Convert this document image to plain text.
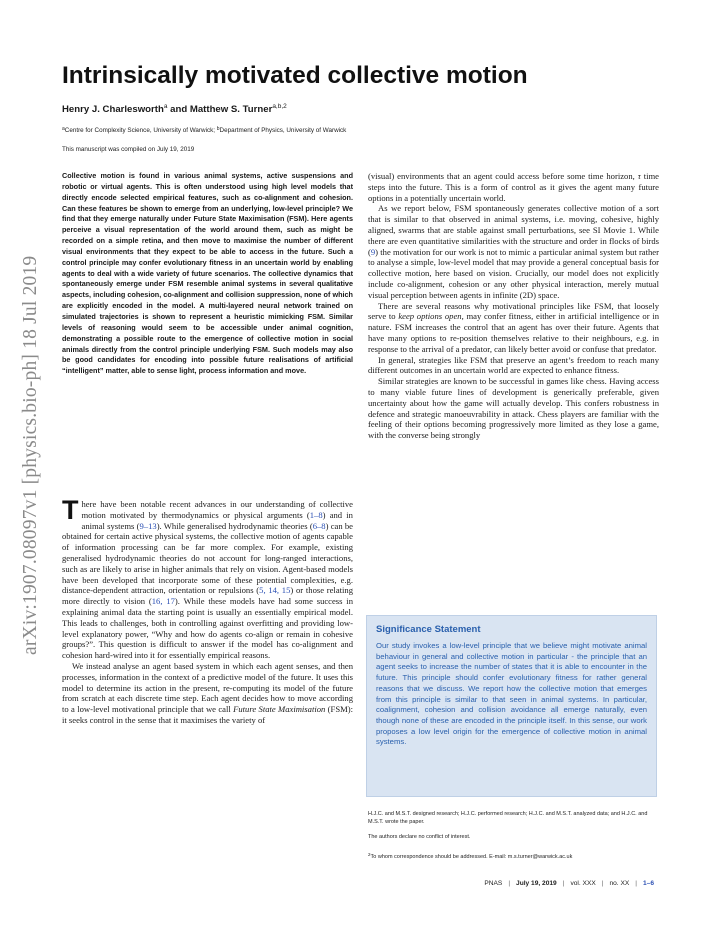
arXiv:1907.08097v1 [physics.bio-ph] 18 Jul 2019
Intrinsically motivated collective motion
Henry J. Charlesworth$^a$ and Matthew S. Turner$^{a,b,2}$
$^a$Centre for Complexity Science, University of Warwick; $^b$Department of Physics, University of Warwick
This manuscript was compiled on July 19, 2019

Collective motion is found in various animal systems, active suspensions and robotic or virtual agents. This is often understood using high level models that directly encode selected empirical features, such as co-alignment and cohesion. Can these features be shown to emerge from an underlying, low-level principle? We find that they emerge naturally under Future State Maximisation (FSM). Here agents perceive a visual representation of the world around them, such as might be recorded on a simple retina, and then move to maximise the number of different visual environments that they expect to be able to access in the future. Such a control principle may confer evolutionary fitness in an uncertain world by enabling agents to deal with a wide variety of future scenarios. The collective dynamics that spontaneously emerge under FSM resemble animal systems in several qualitative aspects, including cohesion, co-alignment and collision suppression, none of which are explicitly encoded in the model. A multi-layered neural network trained on simulated trajectories is shown to represent a heuristic mimicking FSM. Similar levels of reasoning would seem to be accessible under animal cognition, demonstrating a possible route to the emergence of collective motion in social animals directly from the control principle underlying FSM. Such models may also be good candidates for encoding into possible future realisations of artificial “intelligent” matter, able to sense light, process information and move.

There have been notable recent advances in our understanding of collective motion motivated by thermodynamics or physical arguments (1–8) and in animal systems (9–13). While generalised hydrodynamic theories (6–8) can be obtained for certain active physical systems, the collective motion of agents capable of information processing can be far more complex. For example, existing generalised hydrodynamic theories do not account for long-ranged interactions, such as are likely to arise in higher animals that rely on vision. Agent-based models have been developed that incorporate some of these potential complexities, e.g. distance-dependent attraction, orientation or repulsions (5, 14, 15) or those relating more directly to vision (16, 17). While these models have had some success in explaining animal data the starting point is usually an essentially empirical model. This leads to challenges, both in controlling against overfitting and providing low-level explanatory power, “Why and how do agents co-align or remain in cohesive groups?”. This question is difficult to answer if the model has co-alignment and cohesion hard-wired into it for essentially empirical reasons.

We instead analyse an agent based system in which each agent senses, and then processes, information in the context of a predictive model of the future. It uses this model to determine its action in the present, re-computing its model of the future from scratch at each discrete time step. Each agent decides how to move according to a low-level motivational principle that we call Future State Maximisation (FSM): it seeks control in the sense that it maximises the variety of

(visual) environments that an agent could access before some time horizon, τ time steps into the future. This is a form of control as it gives the agent many future options in a potentially uncertain world.

As we report below, FSM spontaneously generates collective motion of a sort that is similar to that observed in animal systems, i.e. moving, cohesive, highly aligned, swarms that are stable against small perturbations, see SI Movie 1. While there are even quantitative similarities with the structure and order in flocks of birds (9) the motivation for our work is not to mimic a particular animal system but rather to analyse a simple, low-level model that may provide a general conceptual basis for collective motion, here based on vision. Crucially, our model does not explicitly include co-alignment, cohesion or any other physical interaction, merely mutual visual perception between agents in infinite (2D) space.

There are several reasons why motivational principles like FSM, that loosely serve to keep options open, may confer fitness, either in artificial intelligence or in nature. FSM increases the control that an agent has over their future. Agents that have many options to re-position themselves relative to their neighbours, e.g. in response to the arrival of a predator, can likely better avoid or confuse that predator.

In general, strategies like FSM that preserve an agent’s freedom to reach many different outcomes in an uncertain world are expected to enhance fitness.

Similar strategies are known to be successful in games like chess. Having access to many viable future lines of development is generically preferable, given uncertainty about how the game will actually develop. This confers robustness in defence and strategic manoeuvrability in attack. Chess players are familiar with the feeling of their options becoming progressively more limited as they lose a game, with the converse being strongly

Significance Statement

Our study invokes a low-level principle that we believe might motivate animal behaviour in general and collective motion in particular - the principle that an agent seeks to increase the number of states that it is able to encounter in the future. This principle should confer evolutionary fitness for rather general reasons that we discuss. We report how the collective motion that emerges from this principle is similar to that seen in animal systems. In particular, coalignment, cohesion and collision avoidance all emerge naturally, even though none of these are encoded in the principle itself. In this sense, our work proposes a low level origin for the emergence of collective motion in animal systems.

H.J.C. and M.S.T. designed research; H.J.C. performed research; H.J.C. and M.S.T. analyzed data; and H.J.C. and M.S.T. wrote the paper.
The authors declare no conflict of interest.
$^2$To whom correspondence should be addressed. E-mail: m.s.turner@warwick.ac.uk
PNAS | July 19, 2019 | vol. XXX | no. XX | 1–6
